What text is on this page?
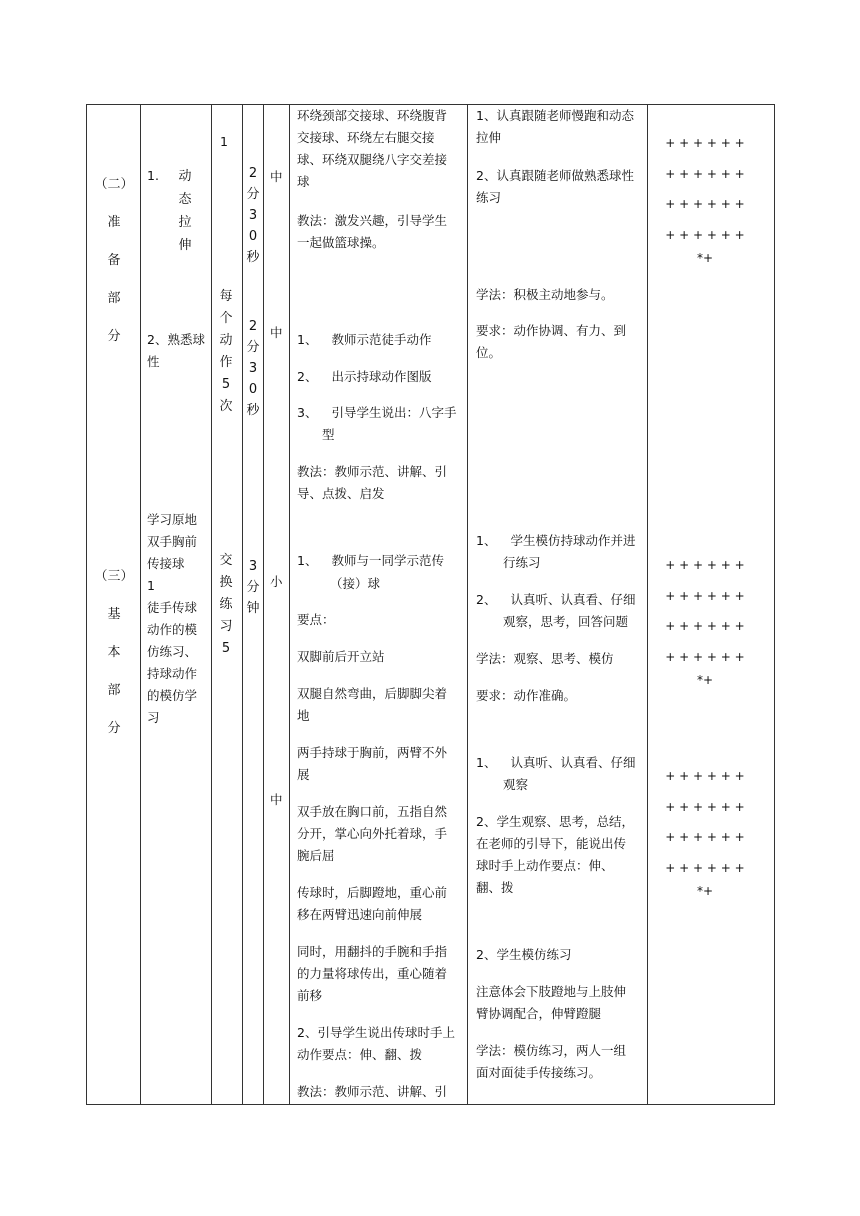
（二）
准
备
部
分
（三）
基
本
部
分
1.	动
态
拉
伸
2、熟悉球性
学习原地
双手胸前
传接球
1
徒手传球
动作的模
仿练习、
持球动作
的模仿学
习
1
每
个
动
作
5
次
交
换
练
习
5
2
分
3
0
秒
2
分
3
0
秒
3
分
钟
中
中
小
中
环绕颈部交接球、环绕腹背
交接球、环绕左右腿交接
球、环绕双腿绕八字交差接
球
教法：激发兴趣，引导学生
一起做篮球操。
1、 教师示范徒手动作
2、 出示持球动作图版
3、 引导学生说出：八字手
型
教法：教师示范、讲解、引
导、点拨、启发
1、 教师与一同学示范传
（接）球
要点：
双脚前后开立站
双腿自然弯曲，后脚脚尖着
地
两手持球于胸前，两臂不外
展
双手放在胸口前，五指自然
分开，掌心向外托着球，手
腕后屈
传球时，后脚蹬地，重心前
移在两臂迅速向前伸展
同时，用翻抖的手腕和手指
的力量将球传出，重心随着
前移
2、引导学生说出传球时手上
动作要点：伸、翻、拨
教法：教师示范、讲解、引
1、认真跟随老师慢跑和动态
拉伸
2、认真跟随老师做熟悉球性
练习
学法：积极主动地参与。
要求：动作协调、有力、到
位。
1、 学生模仿持球动作并进
行练习
2、 认真听、认真看、仔细
观察，思考，回答问题
学法：观察、思考、模仿
要求：动作准确。
1、 认真听、认真看、仔细
观察
2、学生观察、思考，总结，
在老师的引导下，能说出传
球时手上动作要点：伸、
翻、拨
2、学生模仿练习
注意体会下肢蹬地与上肢伸
臂协调配合，伸臂蹬腿
学法：模仿练习，两人一组
面对面徒手传接练习。
+ + + + + +
+ + + + + +
+ + + + + +
+ + + + + +
*+
+ + + + + +
+ + + + + +
+ + + + + +
+ + + + + +
*+
+ + + + + +
+ + + + + +
+ + + + + +
+ + + + + +
*+
